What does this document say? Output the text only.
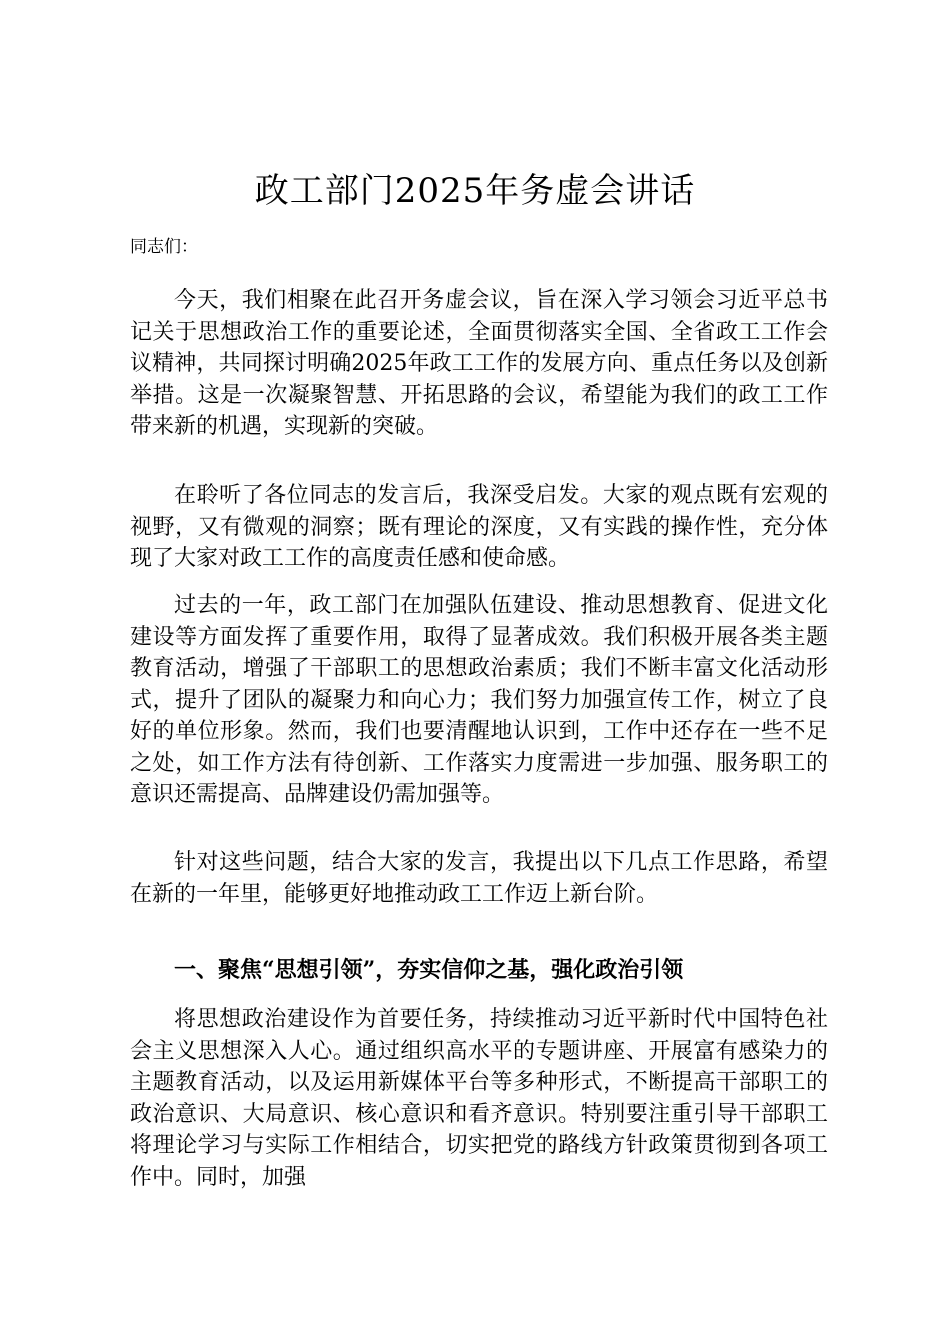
政工部门2025年务虚会讲话

同志们：

今天，我们相聚在此召开务虚会议，旨在深入学习领会习近平总书记关于思想政治工作的重要论述，全面贯彻落实全国、全省政工工作会议精神，共同探讨明确2025年政工工作的发展方向、重点任务以及创新举措。这是一次凝聚智慧、开拓思路的会议，希望能为我们的政工工作带来新的机遇，实现新的突破。

在聆听了各位同志的发言后，我深受启发。大家的观点既有宏观的视野，又有微观的洞察；既有理论的深度，又有实践的操作性，充分体现了大家对政工工作的高度责任感和使命感。

过去的一年，政工部门在加强队伍建设、推动思想教育、促进文化建设等方面发挥了重要作用，取得了显著成效。我们积极开展各类主题教育活动，增强了干部职工的思想政治素质；我们不断丰富文化活动形式，提升了团队的凝聚力和向心力；我们努力加强宣传工作，树立了良好的单位形象。然而，我们也要清醒地认识到，工作中还存在一些不足之处，如工作方法有待创新、工作落实力度需进一步加强、服务职工的意识还需提高、品牌建设仍需加强等。

针对这些问题，结合大家的发言，我提出以下几点工作思路，希望在新的一年里，能够更好地推动政工工作迈上新台阶。

一、聚焦“思想引领”，夯实信仰之基，强化政治引领

将思想政治建设作为首要任务，持续推动习近平新时代中国特色社会主义思想深入人心。通过组织高水平的专题讲座、开展富有感染力的主题教育活动，以及运用新媒体平台等多种形式，不断提高干部职工的政治意识、大局意识、核心意识和看齐意识。特别要注重引导干部职工将理论学习与实际工作相结合，切实把党的路线方针政策贯彻到各项工作中。同时，加强
